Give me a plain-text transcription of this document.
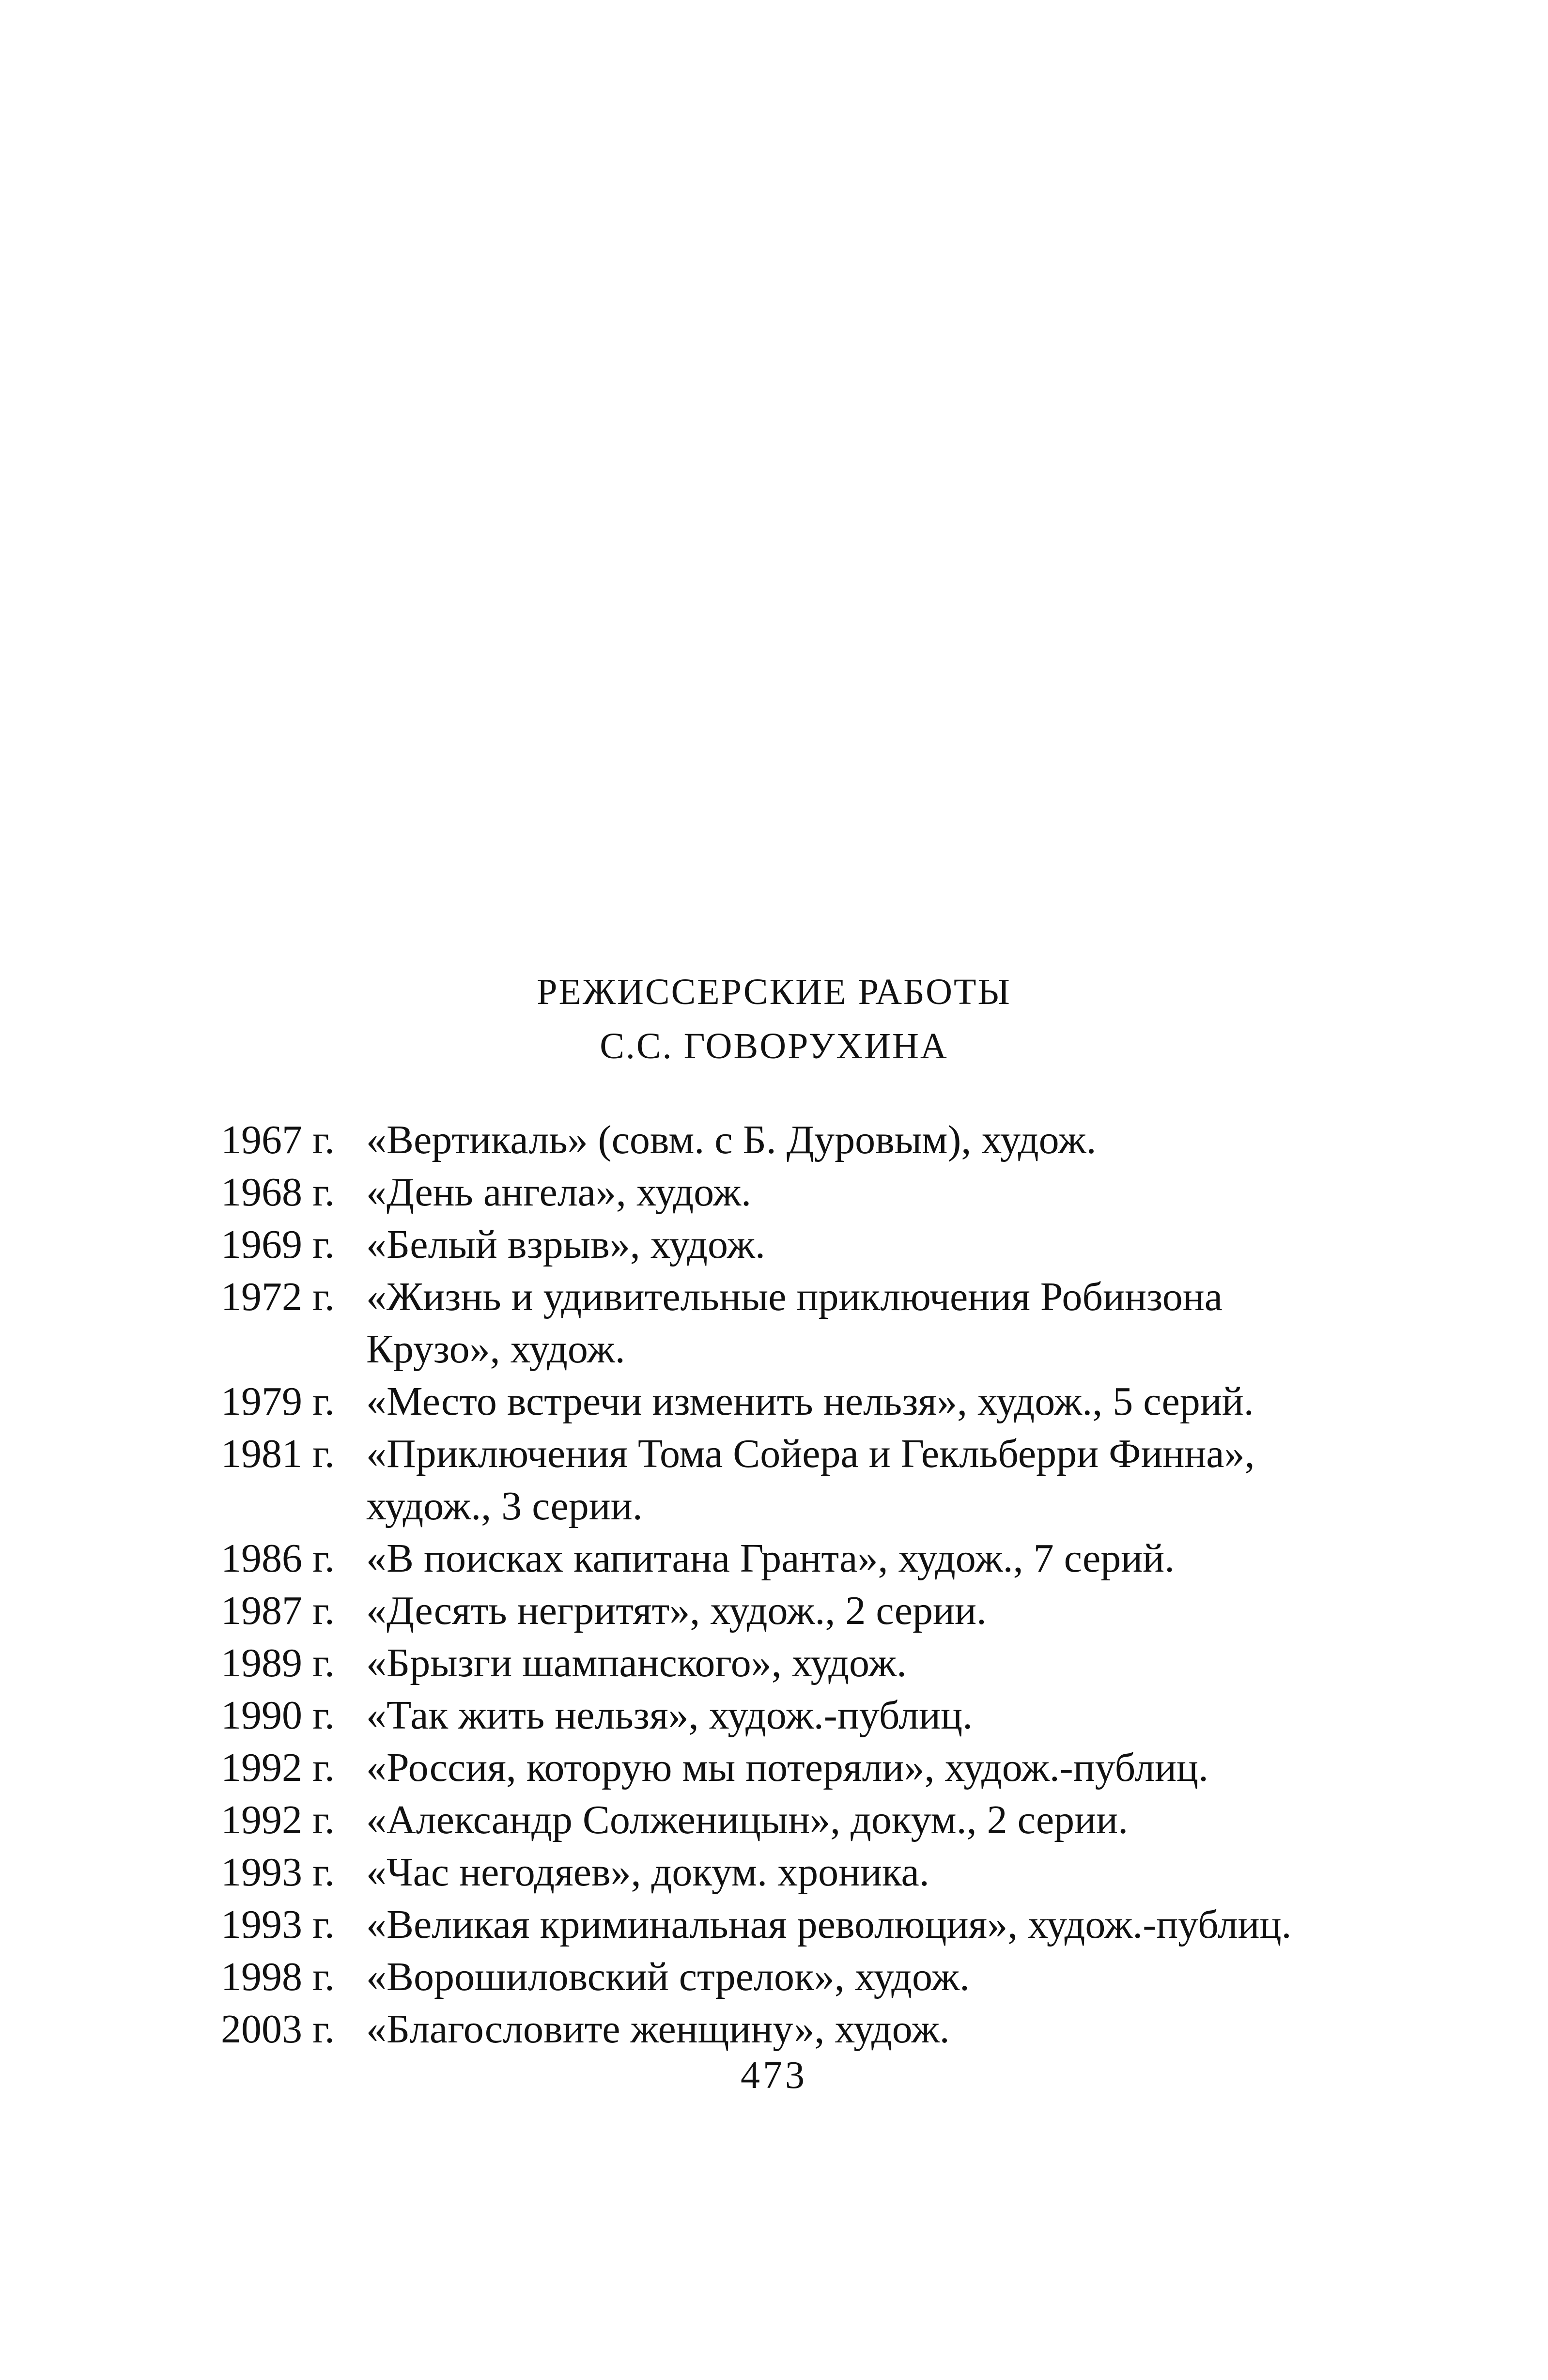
РЕЖИССЕРСКИЕ РАБОТЫ
С.С. ГОВОРУХИНА
1967 г. «Вертикаль» (совм. с Б. Дуровым), худож.
1968 г. «День ангела», худож.
1969 г. «Белый взрыв», худож.
1972 г. «Жизнь и удивительные приключения Робинзона Крузо», худож.
1979 г. «Место встречи изменить нельзя», худож., 5 серий.
1981 г. «Приключения Тома Сойера и Гекльберри Финна», худож., 3 серии.
1986 г. «В поисках капитана Гранта», худож., 7 серий.
1987 г. «Десять негритят», худож., 2 серии.
1989 г. «Брызги шампанского», худож.
1990 г. «Так жить нельзя», худож.-публиц.
1992 г. «Россия, которую мы потеряли», худож.-публиц.
1992 г. «Александр Солженицын», докум., 2 серии.
1993 г. «Час негодяев», докум. хроника.
1993 г. «Великая криминальная революция», худож.-публиц.
1998 г. «Ворошиловский стрелок», худож.
2003 г. «Благословите женщину», худож.
473
